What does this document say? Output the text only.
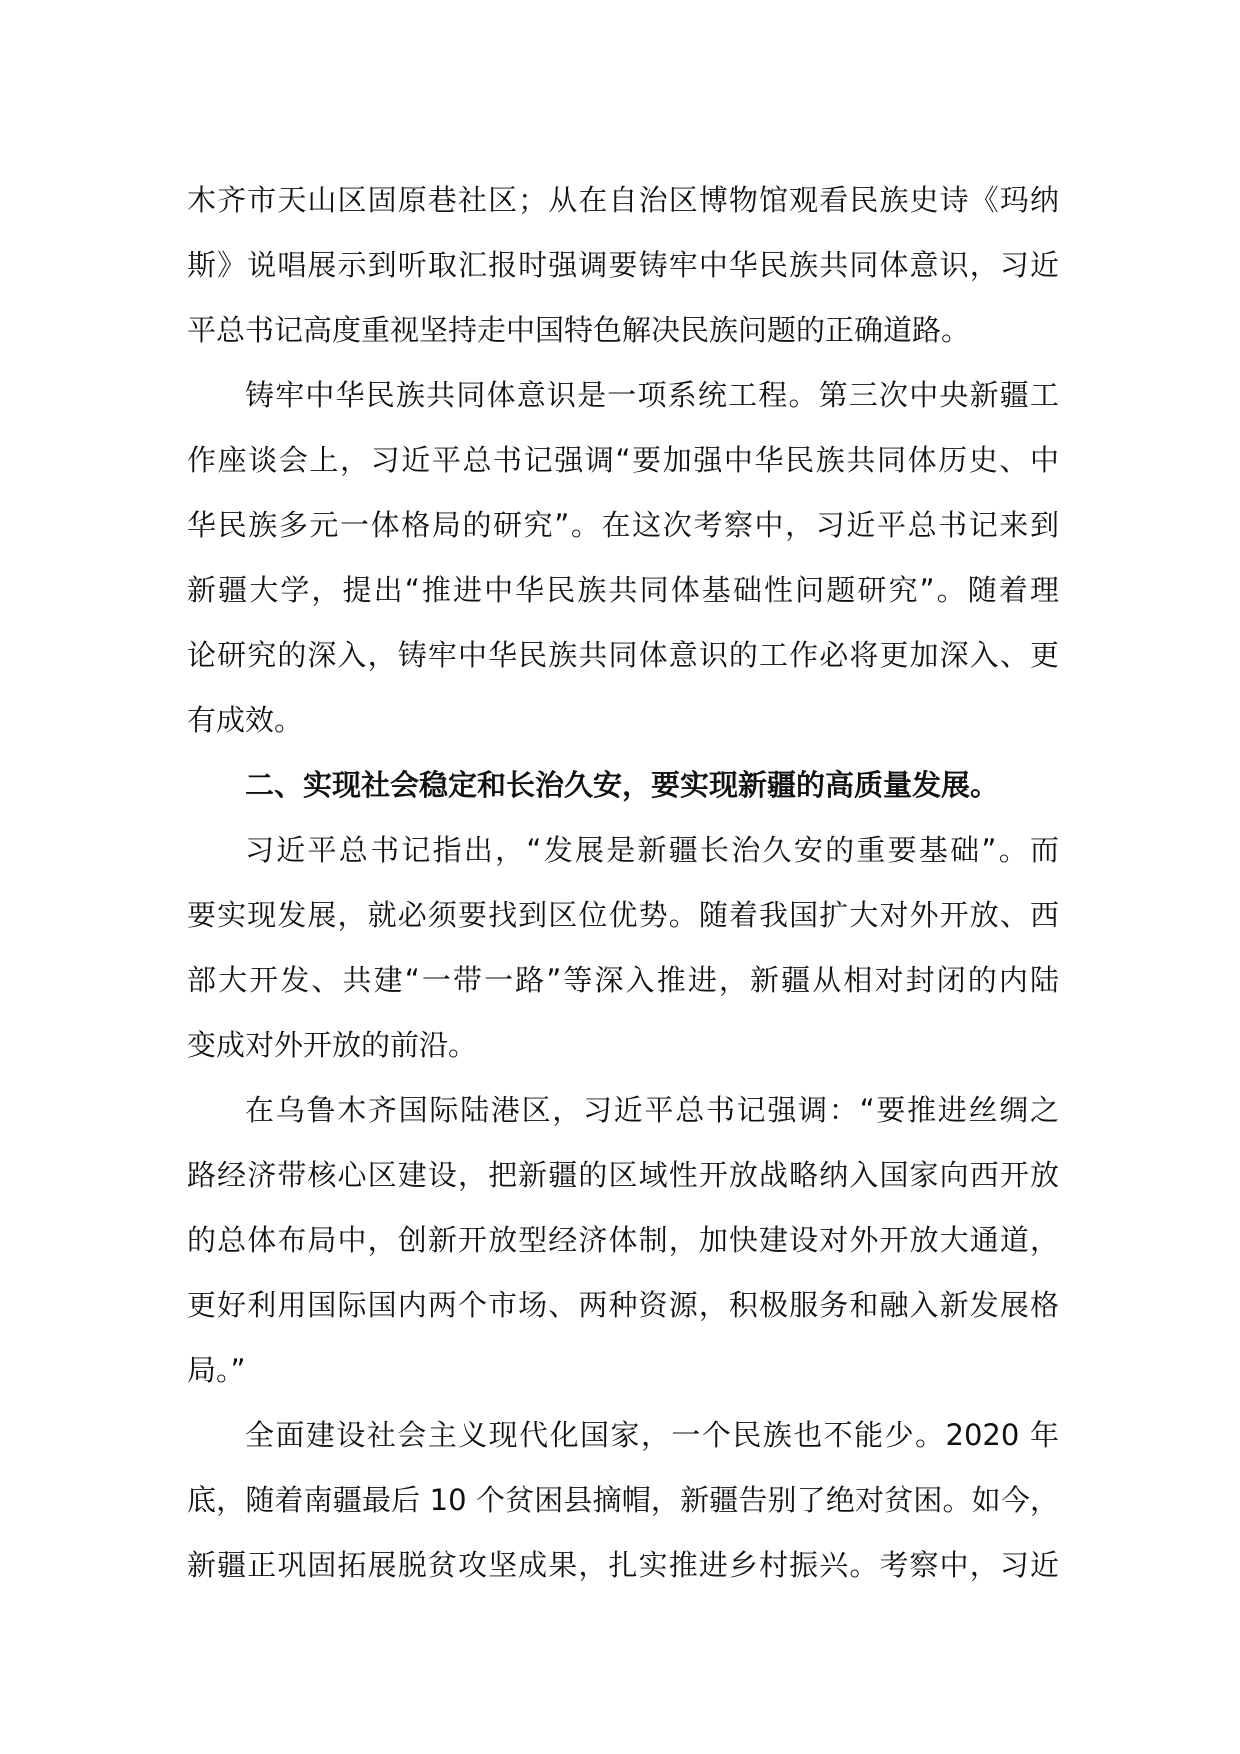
木齐市天山区固原巷社区；从在自治区博物馆观看民族史诗《玛纳
斯》说唱展示到听取汇报时强调要铸牢中华民族共同体意识，习近
平总书记高度重视坚持走中国特色解决民族问题的正确道路。
铸牢中华民族共同体意识是一项系统工程。第三次中央新疆工
作座谈会上，习近平总书记强调“要加强中华民族共同体历史、中
华民族多元一体格局的研究”。在这次考察中，习近平总书记来到
新疆大学，提出“推进中华民族共同体基础性问题研究”。随着理
论研究的深入，铸牢中华民族共同体意识的工作必将更加深入、更
有成效。
二、实现社会稳定和长治久安，要实现新疆的高质量发展。
习近平总书记指出，“发展是新疆长治久安的重要基础”。而
要实现发展，就必须要找到区位优势。随着我国扩大对外开放、西
部大开发、共建“一带一路”等深入推进，新疆从相对封闭的内陆
变成对外开放的前沿。
在乌鲁木齐国际陆港区，习近平总书记强调：“要推进丝绸之
路经济带核心区建设，把新疆的区域性开放战略纳入国家向西开放
的总体布局中，创新开放型经济体制，加快建设对外开放大通道，
更好利用国际国内两个市场、两种资源，积极服务和融入新发展格
局。”
全面建设社会主义现代化国家，一个民族也不能少。2020 年
底，随着南疆最后 10 个贫困县摘帽，新疆告别了绝对贫困。如今，
新疆正巩固拓展脱贫攻坚成果，扎实推进乡村振兴。考察中，习近
